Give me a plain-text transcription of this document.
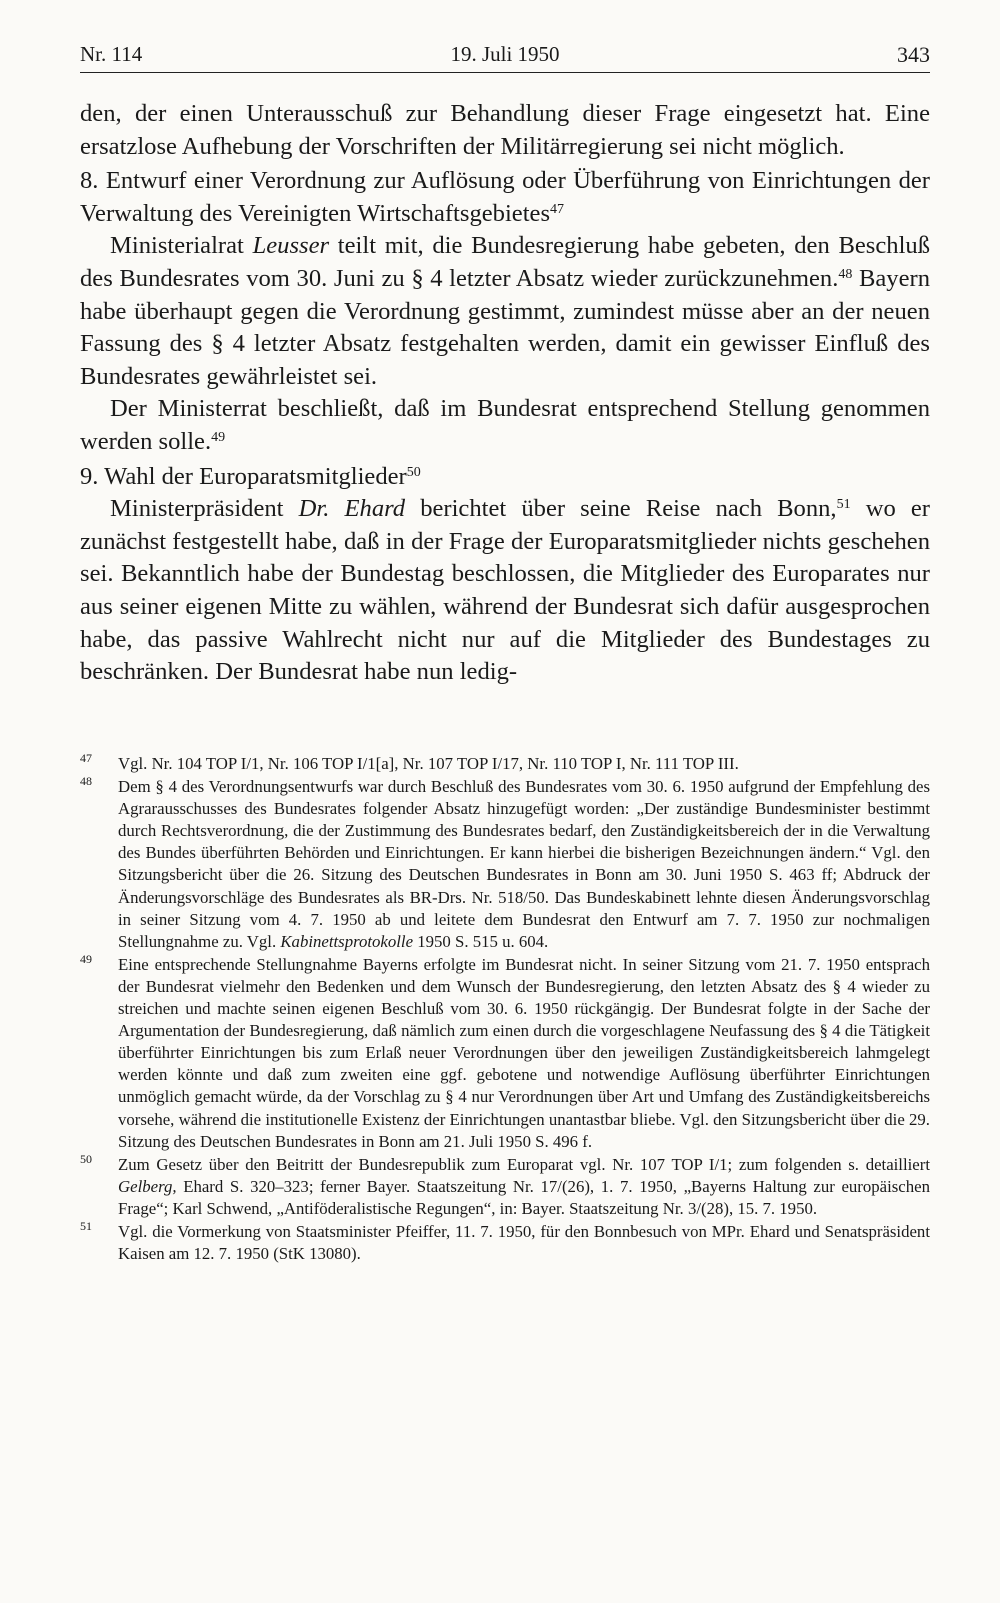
19. Juli 1950
Nr. 114	343

den, der einen Unterausschuß zur Behandlung dieser Frage eingesetzt hat. Eine ersatzlose Aufhebung der Vorschriften der Militärregierung sei nicht möglich.

8. Entwurf einer Verordnung zur Auflösung oder Überführung von Einrichtungen der Verwaltung des Vereinigten Wirtschaftsgebietes$^{47}$

Ministerialrat Leusser teilt mit, die Bundesregierung habe gebeten, den Beschluß des Bundesrates vom 30. Juni zu § 4 letzter Absatz wieder zurückzunehmen.$^{48}$ Bayern habe überhaupt gegen die Verordnung gestimmt, zumindest müsse aber an der neuen Fassung des § 4 letzter Absatz festgehalten werden, damit ein gewisser Einfluß des Bundesrates gewährleistet sei.

Der Ministerrat beschließt, daß im Bundesrat entsprechend Stellung genommen werden solle.$^{49}$

9. Wahl der Europaratsmitglieder$^{50}$

Ministerpräsident Dr. Ehard berichtet über seine Reise nach Bonn,$^{51}$ wo er zunächst festgestellt habe, daß in der Frage der Europaratsmitglieder nichts geschehen sei. Bekanntlich habe der Bundestag beschlossen, die Mitglieder des Europarates nur aus seiner eigenen Mitte zu wählen, während der Bundesrat sich dafür ausgesprochen habe, das passive Wahlrecht nicht nur auf die Mitglieder des Bundestages zu beschränken. Der Bundesrat habe nun ledig-

47 Vgl. Nr. 104 TOP I/1, Nr. 106 TOP I/1[a], Nr. 107 TOP I/17, Nr. 110 TOP I, Nr. 111 TOP III.
48 Dem § 4 des Verordnungsentwurfs war durch Beschluß des Bundesrates vom 30. 6. 1950 aufgrund der Empfehlung des Agrarausschusses des Bundesrates folgender Absatz hinzugefügt worden: „Der zuständige Bundesminister bestimmt durch Rechtsverordnung, die der Zustimmung des Bundesrates bedarf, den Zuständigkeitsbereich der in die Verwaltung des Bundes überführten Behörden und Einrichtungen. Er kann hierbei die bisherigen Bezeichnungen ändern.“ Vgl. den Sitzungsbericht über die 26. Sitzung des Deutschen Bundesrates in Bonn am 30. Juni 1950 S. 463 ff; Abdruck der Änderungsvorschläge des Bundesrates als BR-Drs. Nr. 518/50. Das Bundeskabinett lehnte diesen Änderungsvorschlag in seiner Sitzung vom 4. 7. 1950 ab und leitete dem Bundesrat den Entwurf am 7. 7. 1950 zur nochmaligen Stellungnahme zu. Vgl. Kabinettsprotokolle 1950 S. 515 u. 604.
49 Eine entsprechende Stellungnahme Bayerns erfolgte im Bundesrat nicht. In seiner Sitzung vom 21. 7. 1950 entsprach der Bundesrat vielmehr den Bedenken und dem Wunsch der Bundesregierung, den letzten Absatz des § 4 wieder zu streichen und machte seinen eigenen Beschluß vom 30. 6. 1950 rückgängig. Der Bundesrat folgte in der Sache der Argumentation der Bundesregierung, daß nämlich zum einen durch die vorgeschlagene Neufassung des § 4 die Tätigkeit überführter Einrichtungen bis zum Erlaß neuer Verordnungen über den jeweiligen Zuständigkeitsbereich lahmgelegt werden könnte und daß zum zweiten eine ggf. gebotene und notwendige Auflösung überführter Einrichtungen unmöglich gemacht würde, da der Vorschlag zu § 4 nur Verordnungen über Art und Umfang des Zuständigkeitsbereichs vorsehe, während die institutionelle Existenz der Einrichtungen unantastbar bliebe. Vgl. den Sitzungsbericht über die 29. Sitzung des Deutschen Bundesrates in Bonn am 21. Juli 1950 S. 496 f.
50 Zum Gesetz über den Beitritt der Bundesrepublik zum Europarat vgl. Nr. 107 TOP I/1; zum folgenden s. detailliert Gelberg, Ehard S. 320–323; ferner Bayer. Staatszeitung Nr. 17/(26), 1. 7. 1950, „Bayerns Haltung zur europäischen Frage“; Karl Schwend, „Antiföderalistische Regungen“, in: Bayer. Staatszeitung Nr. 3/(28), 15. 7. 1950.
51 Vgl. die Vormerkung von Staatsminister Pfeiffer, 11. 7. 1950, für den Bonnbesuch von MPr. Ehard und Senatspräsident Kaisen am 12. 7. 1950 (StK 13080).
